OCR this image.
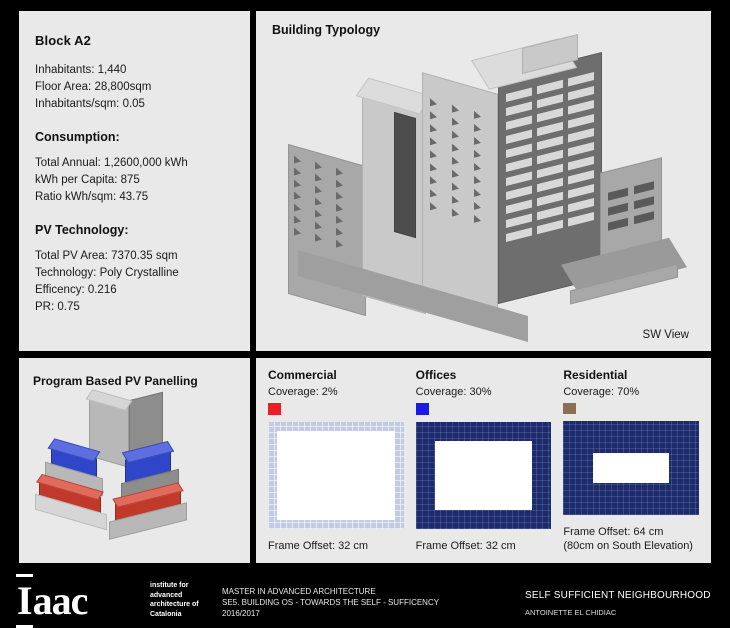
Block A2
Inhabitants: 1,440
Floor Area: 28,800sqm
Inhabitants/sqm: 0.05
Consumption:
Total Annual: 1,2600,000 kWh
kWh per Capita: 875
Ratio kWh/sqm: 43.75
PV Technology:
Total PV Area: 7370.35 sqm
Technology: Poly Crystalline
Efficency: 0.216
PR: 0.75
Building Typology
SW View
Program Based PV Panelling	Commercial
Coverage: 2%
Frame Offset: 32 cm
Offices
Coverage: 30%
Frame Offset: 32 cm
Residential
Coverage: 70%
Frame Offset: 64 cm
(80cm on South Elevation)
Iaac	institute for advanced architecture of Catalonia
MASTER IN ADVANCED ARCHITECTURE
SE5. BUILDING OS - TOWARDS THE SELF - SUFFICENCY
2016/2017
SELF SUFFICIENT NEIGHBOURHOOD
ANTOINETTE EL CHIDIAC
